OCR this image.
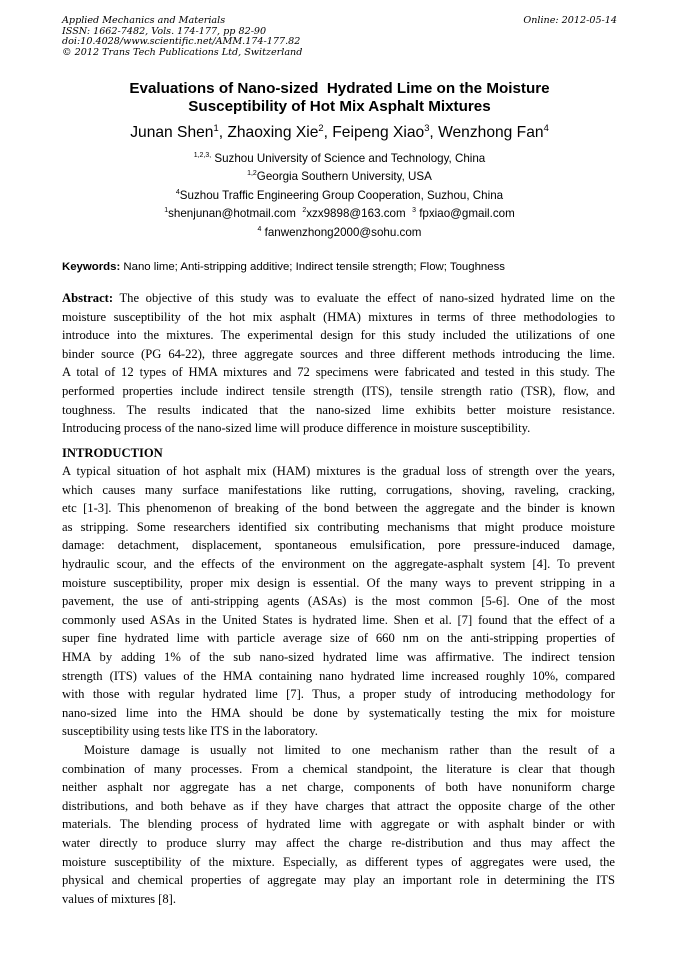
Applied Mechanics and Materials
ISSN: 1662-7482, Vols. 174-177, pp 82-90
doi:10.4028/www.scientific.net/AMM.174-177.82
© 2012 Trans Tech Publications Ltd, Switzerland
Online: 2012-05-14
Evaluations of Nano-sized  Hydrated Lime on the Moisture
Susceptibility of Hot Mix Asphalt Mixtures
Junan Shen$^1$, Zhaoxing Xie$^2$, Feipeng Xiao$^3$, Wenzhong Fan$^4$
$^{1,2,3,}$ Suzhou University of Science and Technology, China
$^{1,2}$Georgia Southern University, USA
$^4$Suzhou Traffic Engineering Group Cooperation, Suzhou, China
$^1$shenjunan@hotmail.com $^2$xzx9898@163.com $^3$ fpxiao@gmail.com
$^4$ fanwenzhong2000@sohu.com
Keywords: Nano lime; Anti-stripping additive; Indirect tensile strength; Flow; Toughness
Abstract: The objective of this study was to evaluate the effect of nano-sized hydrated lime on the
moisture susceptibility of the hot mix asphalt (HMA) mixtures in terms of three methodologies to
introduce into the mixtures. The experimental design for this study included the utilizations of one
binder source (PG 64-22), three aggregate sources and three different methods introducing the lime.
A total of 12 types of HMA mixtures and 72 specimens were fabricated and tested in this study. The
performed properties include indirect tensile strength (ITS), tensile strength ratio (TSR), flow, and
toughness. The results indicated that the nano-sized lime exhibits better moisture resistance.
Introducing process of the nano-sized lime will produce difference in moisture susceptibility.
INTRODUCTION
A typical situation of hot asphalt mix (HAM) mixtures is the gradual loss of strength over the years,
which causes many surface manifestations like rutting, corrugations, shoving, raveling, cracking,
etc [1-3]. This phenomenon of breaking of the bond between the aggregate and the binder is known
as stripping. Some researchers identified six contributing mechanisms that might produce moisture
damage: detachment, displacement, spontaneous emulsification, pore pressure-induced damage,
hydraulic scour, and the effects of the environment on the aggregate-asphalt system [4]. To prevent
moisture susceptibility, proper mix design is essential. Of the many ways to prevent stripping in a
pavement, the use of anti-stripping agents (ASAs) is the most common [5-6]. One of the most
commonly used ASAs in the United States is hydrated lime. Shen et al. [7] found that the effect of a
super fine hydrated lime with particle average size of 660 nm on the anti-stripping properties of
HMA by adding 1% of the sub nano-sized hydrated lime was affirmative. The indirect tension
strength (ITS) values of the HMA containing nano hydrated lime increased roughly 10%, compared
with those with regular hydrated lime [7]. Thus, a proper study of introducing methodology for
nano-sized lime into the HMA should be done by systematically testing the mix for moisture
susceptibility using tests like ITS in the laboratory.
Moisture damage is usually not limited to one mechanism rather than the result of a
combination of many processes. From a chemical standpoint, the literature is clear that though
neither asphalt nor aggregate has a net charge, components of both have nonuniform charge
distributions, and both behave as if they have charges that attract the opposite charge of the other
materials. The blending process of hydrated lime with aggregate or with asphalt binder or with
water directly to produce slurry may affect the charge re-distribution and thus may affect the
moisture susceptibility of the mixture. Especially, as different types of aggregates were used, the
physical and chemical properties of aggregate may play an important role in determining the ITS
values of mixtures [8].
